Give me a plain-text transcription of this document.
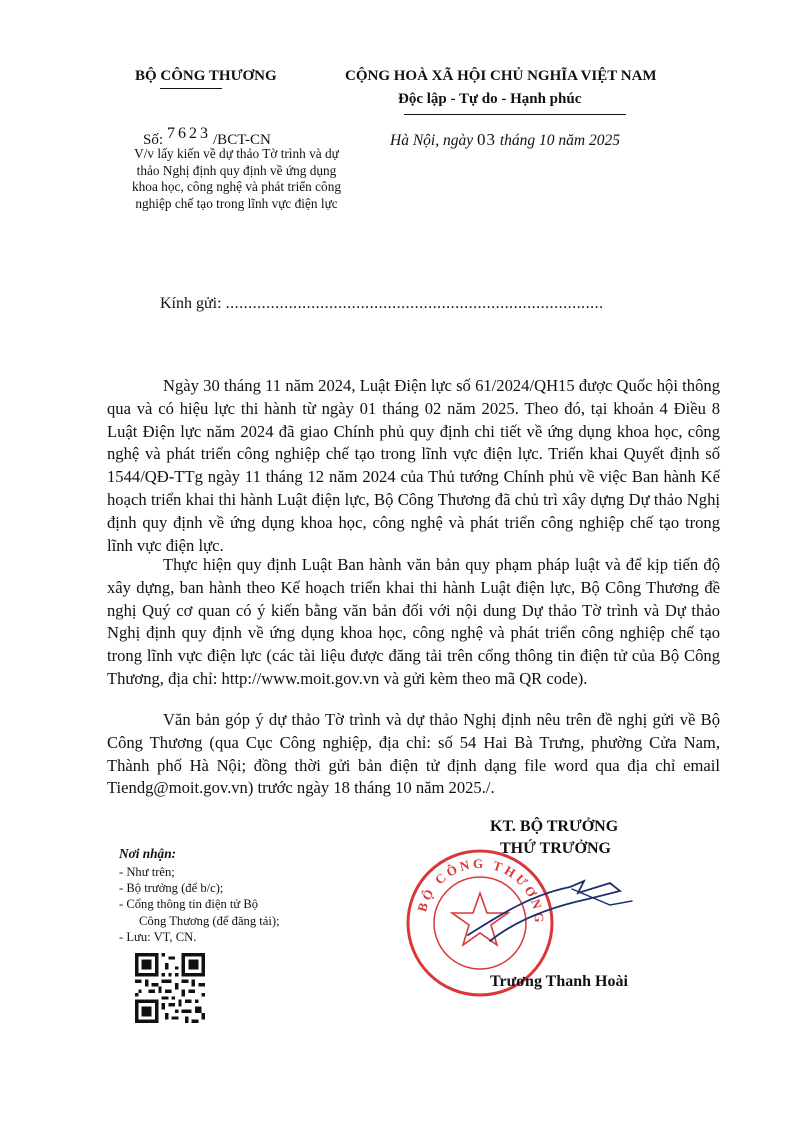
BỘ CÔNG THƯƠNG
Số: 7623 /BCT-CN
V/v lấy kiến về dự thảo Tờ trình và dự thảo Nghị định quy định về ứng dụng khoa học, công nghệ và phát triển công nghiệp chế tạo trong lĩnh vực điện lực
CỘNG HOÀ XÃ HỘI CHỦ NGHĨA VIỆT NAM
Độc lập - Tự do - Hạnh phúc
Hà Nội, ngày 03 tháng 10 năm 2025
Kính gửi: ....................................................................................
Ngày 30 tháng 11 năm 2024, Luật Điện lực số 61/2024/QH15 được Quốc hội thông qua và có hiệu lực thi hành từ ngày 01 tháng 02 năm 2025. Theo đó, tại khoản 4 Điều 8 Luật Điện lực năm 2024 đã giao Chính phủ quy định chi tiết về ứng dụng khoa học, công nghệ và phát triển công nghiệp chế tạo trong lĩnh vực điện lực. Triển khai Quyết định số 1544/QĐ-TTg ngày 11 tháng 12 năm 2024 của Thủ tướng Chính phủ về việc Ban hành Kế hoạch triển khai thi hành Luật điện lực, Bộ Công Thương đã chủ trì xây dựng Dự thảo Nghị định quy định về ứng dụng khoa học, công nghệ và phát triển công nghiệp chế tạo trong lĩnh vực điện lực.
Thực hiện quy định Luật Ban hành văn bản quy phạm pháp luật và để kịp tiến độ xây dựng, ban hành theo Kế hoạch triển khai thi hành Luật điện lực, Bộ Công Thương đề nghị Quý cơ quan có ý kiến bằng văn bản đối với nội dung Dự thảo Tờ trình và Dự thảo Nghị định quy định về ứng dụng khoa học, công nghệ và phát triển công nghiệp chế tạo trong lĩnh vực điện lực (các tài liệu được đăng tải trên cổng thông tin điện tử của Bộ Công Thương, địa chỉ: http://www.moit.gov.vn và gửi kèm theo mã QR code).
Văn bản góp ý dự thảo Tờ trình và dự thảo Nghị định nêu trên đề nghị gửi về Bộ Công Thương (qua Cục Công nghiệp, địa chỉ: số 54 Hai Bà Trưng, phường Cửa Nam, Thành phố Hà Nội; đồng thời gửi bản điện tử định dạng file word qua địa chỉ email Tiendg@moit.gov.vn) trước ngày 18 tháng 10 năm 2025./.
BỘ CÔNG THƯƠNG
KT. BỘ TRƯỞNG
THỨ TRƯỞNG
Trương Thanh Hoài
Nơi nhận:
- Như trên;
- Bộ trưởng (để b/c);
- Cổng thông tin điện tử Bộ
Công Thương (để đăng tải);
- Lưu: VT, CN.
